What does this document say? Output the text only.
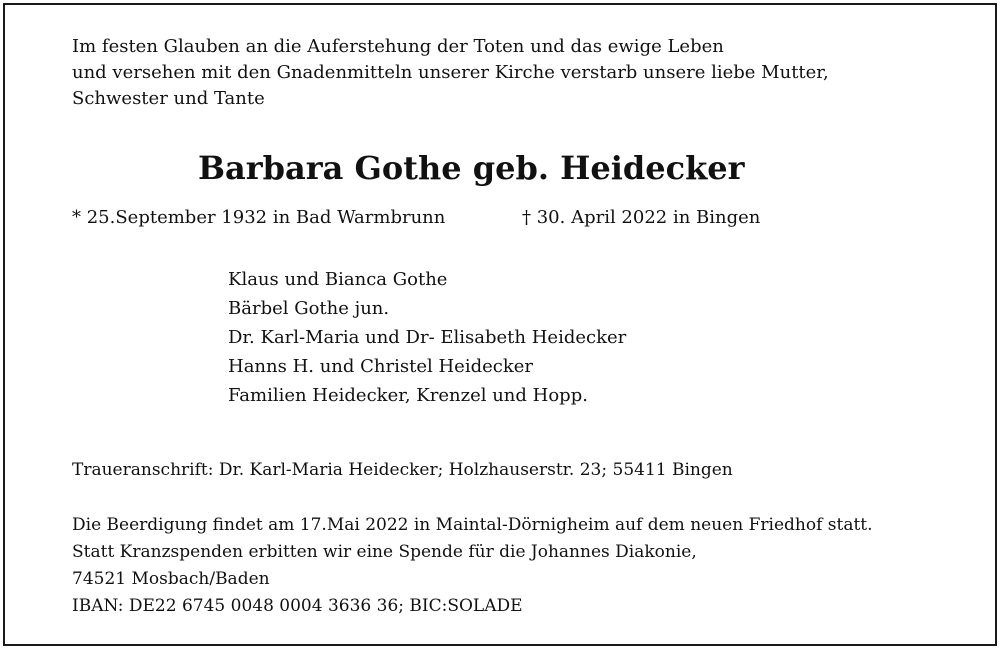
Im festen Glauben an die Auferstehung der Toten und das ewige Leben
und versehen mit den Gnadenmitteln unserer Kirche verstarb unsere liebe Mutter,
Schwester und Tante
Barbara Gothe geb. Heidecker
* 25.September 1932 in Bad Warmbrunn	† 30. April 2022 in Bingen
Klaus und Bianca Gothe
Bärbel Gothe jun.
Dr. Karl-Maria und Dr- Elisabeth Heidecker
Hanns H. und Christel Heidecker
Familien Heidecker, Krenzel und Hopp.
Traueranschrift: Dr. Karl-Maria Heidecker; Holzhauserstr. 23; 55411 Bingen
Die Beerdigung findet am 17.Mai 2022 in Maintal-Dörnigheim auf dem neuen Friedhof statt.
Statt Kranzspenden erbitten wir eine Spende für die Johannes Diakonie,
74521 Mosbach/Baden
IBAN: DE22 6745 0048 0004 3636 36; BIC:SOLADE
